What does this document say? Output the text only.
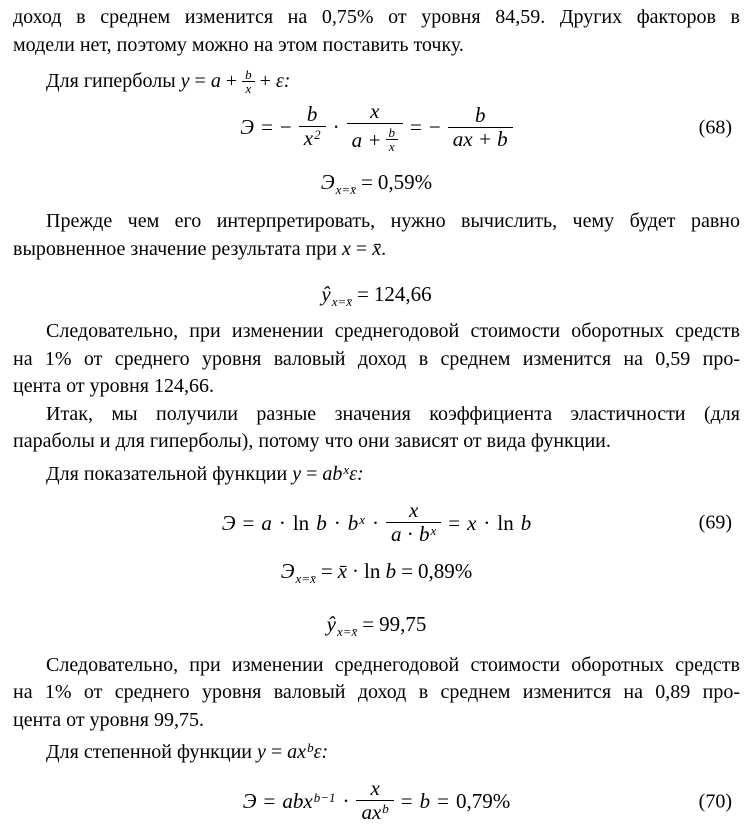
доход в среднем изменится на 0,75% от уровня 84,59. Других факторов в
модели нет, поэтому можно на этом поставить точку.
Для гиперболы $y = a + \frac{b}{x} + \varepsilon$:
Э = − $\frac{b}{x^2} \cdot \frac{x}{a + \frac{b}{x}}$ = − $\frac{b}{ax + b}$	(68)
$Э_{x=x̄} = 0,59\%$
Прежде чем его интерпретировать, нужно вычислить, чему будет равно
выровненное значение результата при x = x̄.
$ŷ_{x=x̄} = 124,66$
Следовательно, при изменении среднегодовой стоимости оборотных средств
на 1% от среднего уровня валовый доход в среднем изменится на 0,59 про-
цента от уровня 124,66.
Итак, мы получили разные значения коэффициента эластичности (для
параболы и для гиперболы), потому что они зависят от вида функции.
Для показательной функции $y = ab^x\varepsilon$:
$Э = a \cdot \ln b \cdot b^x \cdot \frac{x}{a \cdot b^x} = x \cdot \ln b$	(69)
$Э_{x=x̄}$ = x̄ · ln b = 0,89%
$ŷ_{x=x̄} = 99,75$
Следовательно, при изменении среднегодовой стоимости оборотных средств
на 1% от среднего уровня валовый доход в среднем изменится на 0,89 про-
цента от уровня 99,75.
Для степенной функции $y = ax^b\varepsilon$:
$Э = abx^{b-1} \cdot \frac{x}{ax^b} = b = 0,79\%$	(70)
